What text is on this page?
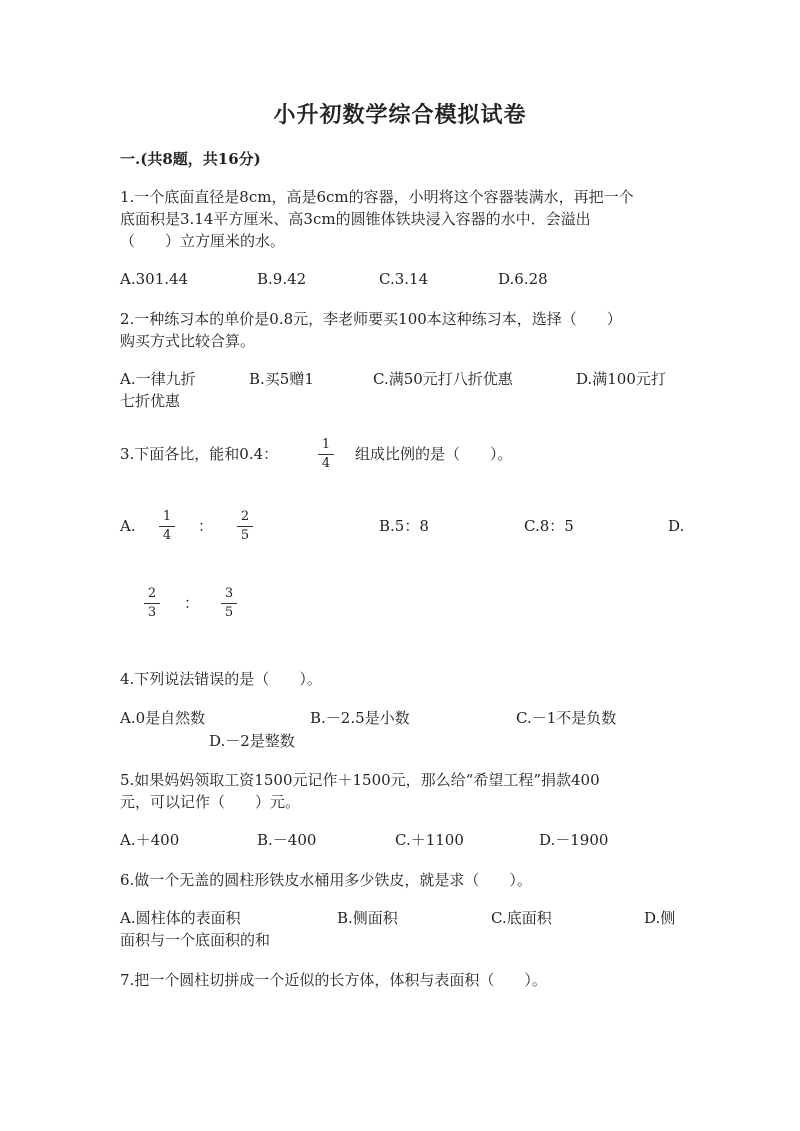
小升初数学综合模拟试卷
一.(共8题，共16分)
1.一个底面直径是8cm，高是6cm的容器，小明将这个容器装满水，再把一个
底面积是3.14平方厘米、高3cm的圆锥体铁块浸入容器的水中．会溢出
（　　）立方厘米的水。
A.301.44	B.9.42	C.3.14	D.6.28
2.一种练习本的单价是0.8元，李老师要买100本这种练习本，选择（　　）
购买方式比较合算。
A.一律九折	B.买5赠1	C.满50元打八折优惠	D.满100元打
七折优惠
3.下面各比，能和0.4：
1
4
组成比例的是（　　）。
A.
1
4
：
2
5
B.5：8	C.8：5	D.
2
3
：
3
5
4.下列说法错误的是（　　）。
A.0是自然数	B.－2.5是小数	C.－1不是负数
D.－2是整数
5.如果妈妈领取工资1500元记作＋1500元，那么给“希望工程”捐款400
元，可以记作（　　）元。
A.＋400	B.－400	C.＋1100	D.－1900
6.做一个无盖的圆柱形铁皮水桶用多少铁皮，就是求（　　）。
A.圆柱体的表面积	B.侧面积	C.底面积	D.侧
面积与一个底面积的和
7.把一个圆柱切拼成一个近似的长方体，体积与表面积（　　）。
